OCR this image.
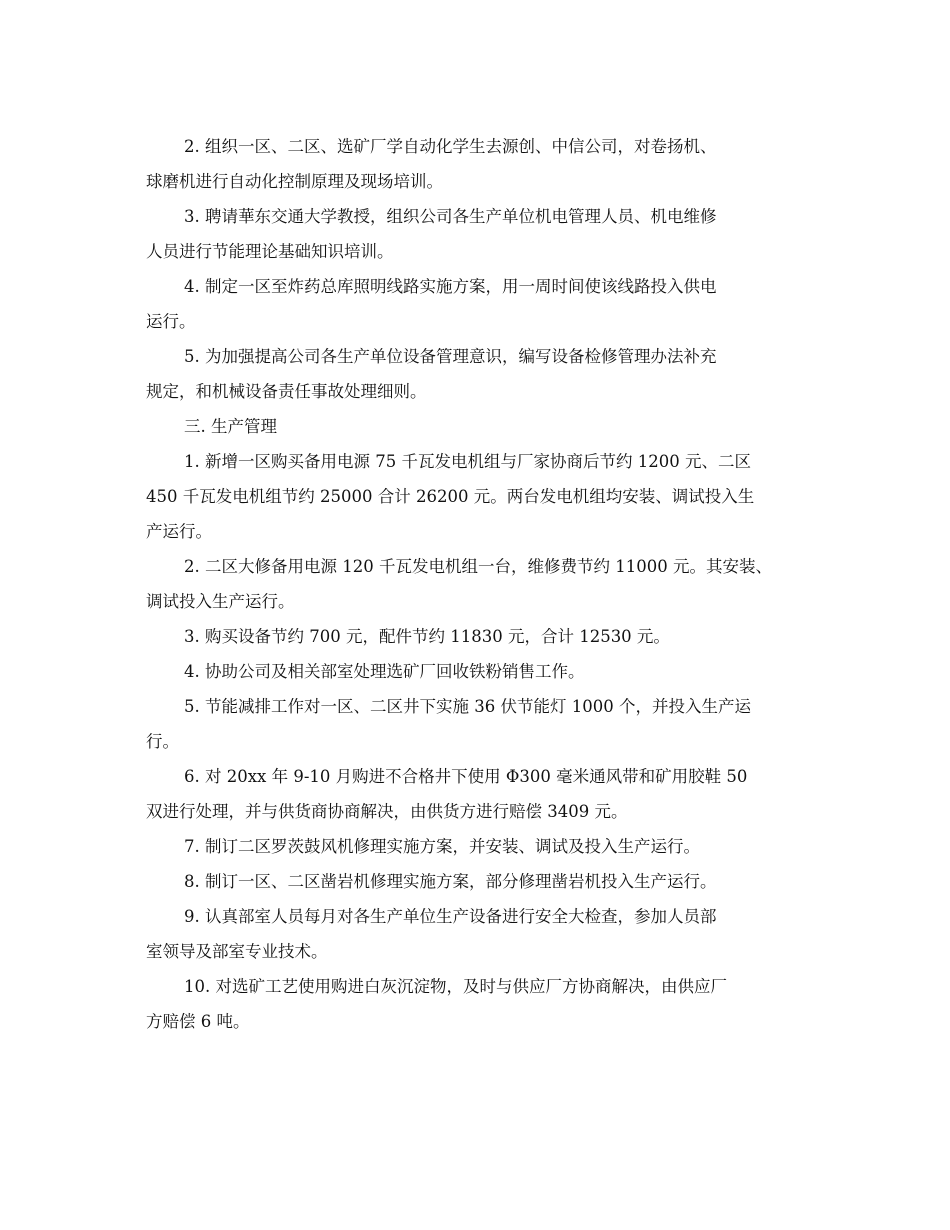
2. 组织一区、二区、选矿厂学自动化学生去源创、中信公司，对卷扬机、
球磨机进行自动化控制原理及现场培训。
3. 聘请華东交通大学教授，组织公司各生产单位机电管理人员、机电维修
人员进行节能理论基础知识培训。
4. 制定一区至炸药总库照明线路实施方案，用一周时间使该线路投入供电
运行。
5. 为加强提高公司各生产单位设备管理意识，编写设备检修管理办法补充
规定，和机械设备责任事故处理细则。
三. 生产管理
1. 新增一区购买备用电源 75 千瓦发电机组与厂家协商后节约 1200 元、二区
450 千瓦发电机组节约 25000 合计 26200 元。两台发电机组均安装、调试投入生
产运行。
2. 二区大修备用电源 120 千瓦发电机组一台，维修费节约 11000 元。其安装、
调试投入生产运行。
3. 购买设备节约 700 元，配件节约 11830 元，合计 12530 元。
4. 协助公司及相关部室处理选矿厂回收铁粉销售工作。
5. 节能减排工作对一区、二区井下实施 36 伏节能灯 1000 个，并投入生产运
行。
6. 对 20xx 年 9-10 月购进不合格井下使用 Φ300 毫米通风带和矿用胶鞋 50
双进行处理，并与供货商协商解决，由供货方进行赔偿 3409 元。
7. 制订二区罗茨鼓风机修理实施方案，并安装、调试及投入生产运行。
8. 制订一区、二区凿岩机修理实施方案，部分修理凿岩机投入生产运行。
9. 认真部室人员每月对各生产单位生产设备进行安全大检查，参加人员部
室领导及部室专业技术。
10. 对选矿工艺使用购进白灰沉淀物，及时与供应厂方协商解决，由供应厂
方赔偿 6 吨。
